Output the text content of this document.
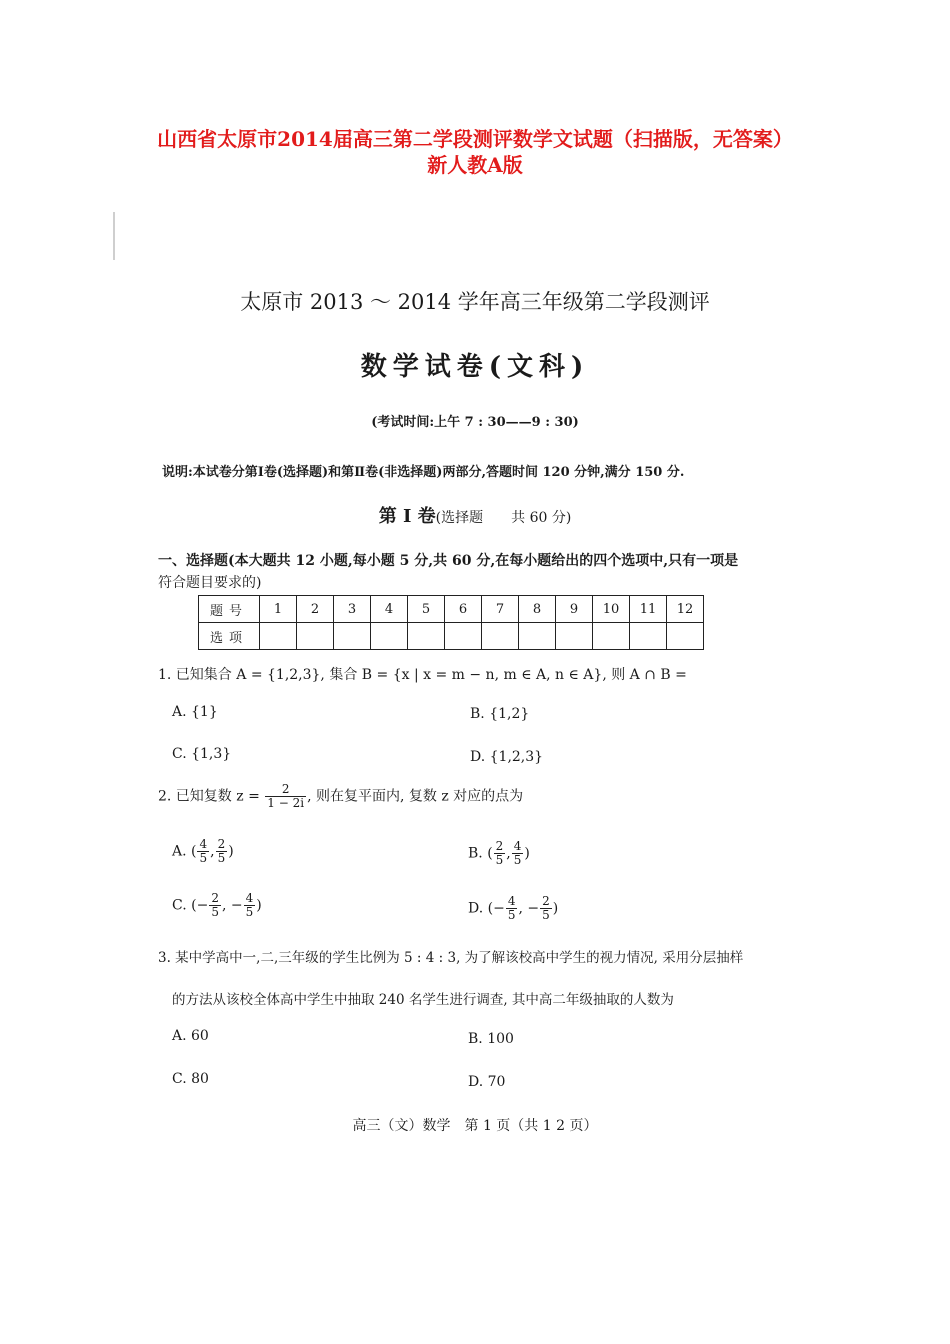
山西省太原市2014届高三第二学段测评数学文试题（扫描版，无答案）
新人教A版
太原市 2013 ～ 2014 学年高三年级第二学段测评
数学试卷(文科)
(考试时间:上午 7 : 30——9 : 30)
说明:本试卷分第Ⅰ卷(选择题)和第Ⅱ卷(非选择题)两部分,答题时间 120 分钟,满分 150 分.
第 Ⅰ 卷(选择题　　共 60 分)
一、选择题(本大题共 12 小题,每小题 5 分,共 60 分,在每小题给出的四个选项中,只有一项是
符合题目要求的)
题号	1	2	3	4	5	6	7	8	9	10	11	12
选项												
1. 已知集合 A = {1,2,3}, 集合 B = {x | x = m − n, m ∈ A, n ∈ A}, 则 A ∩ B =
A. {1}	B. {1,2}
C. {1,3}	D. {1,2,3}
2. 已知复数 $z = \frac{2}{1 - 2i}$ , 则在复平面内, 复数 z 对应的点为
A. ( $\frac{4}{5}$ , $\frac{2}{5}$ )	B. ( $\frac{2}{5}$ , $\frac{4}{5}$ )
C. (− $\frac{2}{5}$ , − $\frac{4}{5}$ )	D. (− $\frac{4}{5}$ , − $\frac{2}{5}$ )
3. 某中学高中一,二,三年级的学生比例为 5 : 4 : 3, 为了解该校高中学生的视力情况, 采用分层抽样
的方法从该校全体高中学生中抽取 240 名学生进行调查, 其中高二年级抽取的人数为
A. 60	B. 100
C. 80	D. 70
高三（文）数学　第 1 页（共 1 2 页）
